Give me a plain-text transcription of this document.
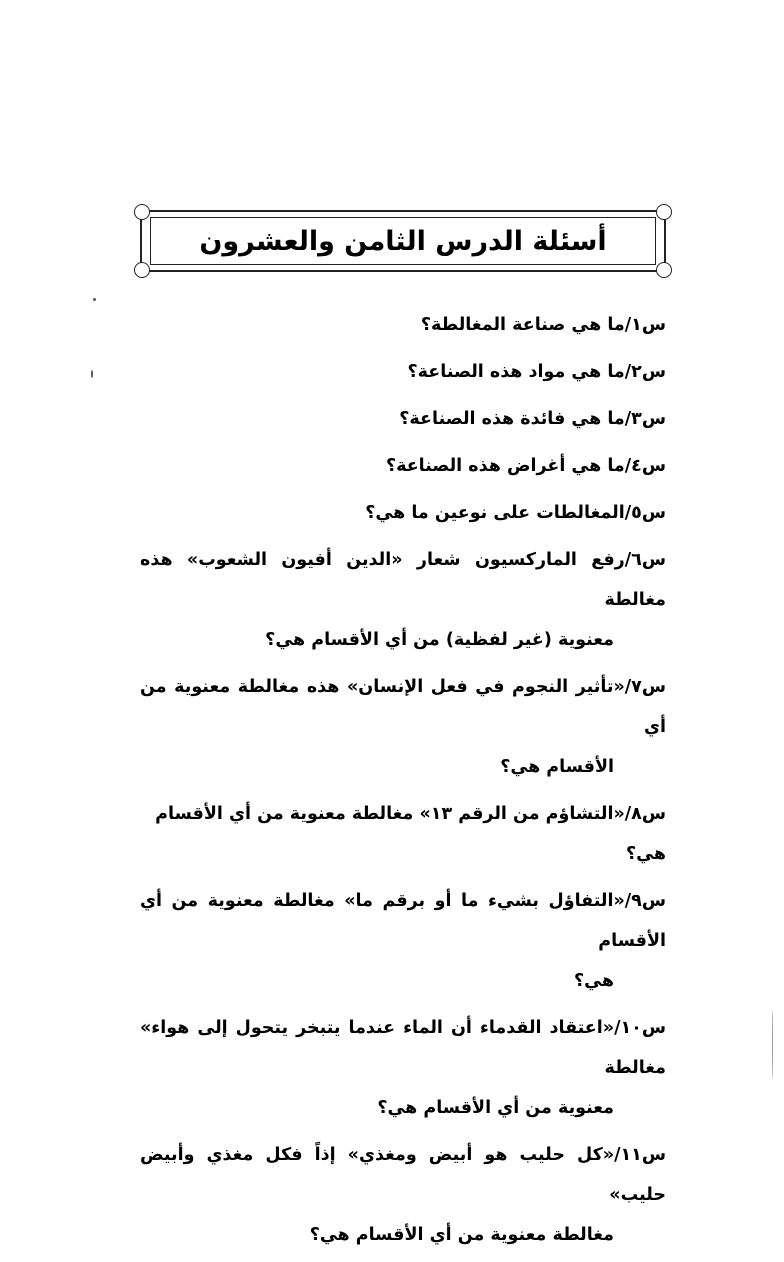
أسئلة الدرس الثامن والعشرون
س١/ما هي صناعة المغالطة؟
س٢/ما هي مواد هذه الصناعة؟
س٣/ما هي فائدة هذه الصناعة؟
س٤/ما هي أغراض هذه الصناعة؟
س٥/المغالطات على نوعين ما هي؟
س٦/رفع الماركسيون شعار «الدين أفيون الشعوب» هذه مغالطة
معنوية (غير لفظية) من أي الأقسام هي؟
س٧/«تأثير النجوم في فعل الإنسان» هذه مغالطة معنوية من أي
الأقسام هي؟
س٨/«التشاؤم من الرقم ١٣» مغالطة معنوية من أي الأقسام هي؟
س٩/«التفاؤل بشيء ما أو برقم ما» مغالطة معنوية من أي الأقسام
هي؟
س١٠/«اعتقاد القدماء أن الماء عندما يتبخر يتحول إلى هواء» مغالطة
معنوية من أي الأقسام هي؟
س١١/«كل حليب هو أبيض ومغذي» إذاً فكل مغذي وأبيض حليب»
مغالطة معنوية من أي الأقسام هي؟
